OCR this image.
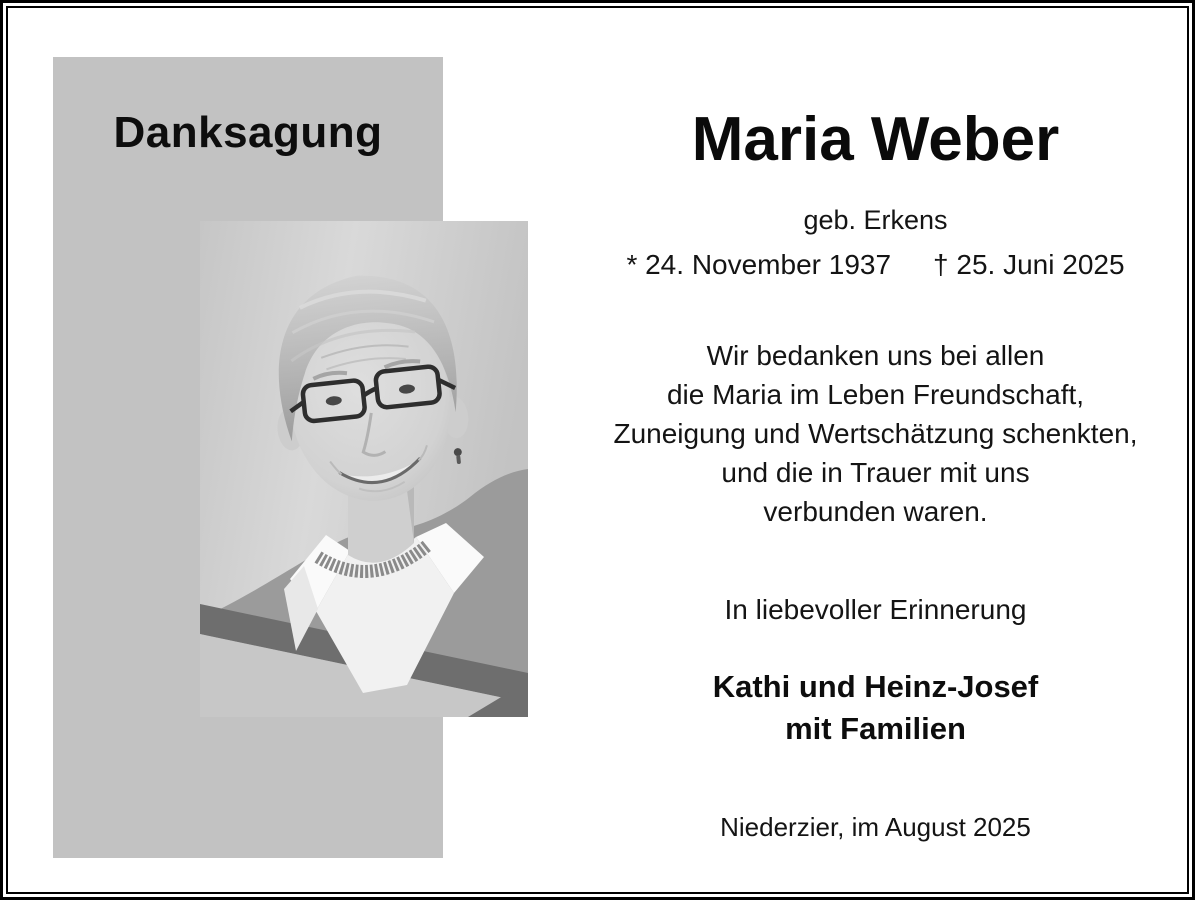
Danksagung	Maria Weber
geb. Erkens
* 24. November 1937 † 25. Juni 2025
Wir bedanken uns bei allen
die Maria im Leben Freundschaft,
Zuneigung und Wertschätzung schenkten,
und die in Trauer mit uns
verbunden waren.
In liebevoller Erinnerung
Kathi und Heinz-Josef
mit Familien
Niederzier, im August 2025
